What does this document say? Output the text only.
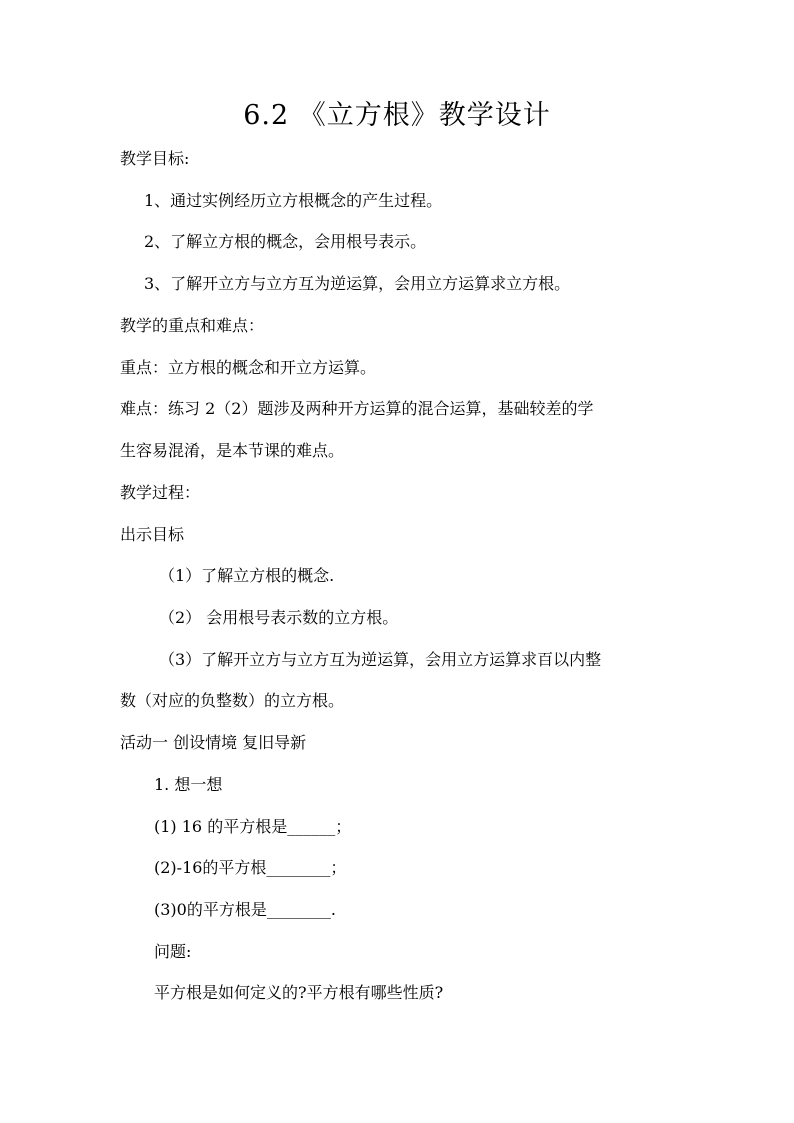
6.2 《立方根》教学设计
教学目标:
1、通过实例经历立方根概念的产生过程。
2、了解立方根的概念，会用根号表示。
3、了解开立方与立方互为逆运算，会用立方运算求立方根。
教学的重点和难点：
重点：立方根的概念和开立方运算。
难点：练习 2（2）题涉及两种开方运算的混合运算，基础较差的学
生容易混淆，是本节课的难点。
教学过程：
出示目标
（1）了解立方根的概念.
（2） 会用根号表示数的立方根。
（3）了解开立方与立方互为逆运算，会用立方运算求百以内整
数（对应的负整数）的立方根。
活动一 创设情境 复旧导新
1. 想一想
(1) 16 的平方根是______；
(2)-16的平方根________；
(3)0的平方根是________.
问题:
平方根是如何定义的?平方根有哪些性质?
